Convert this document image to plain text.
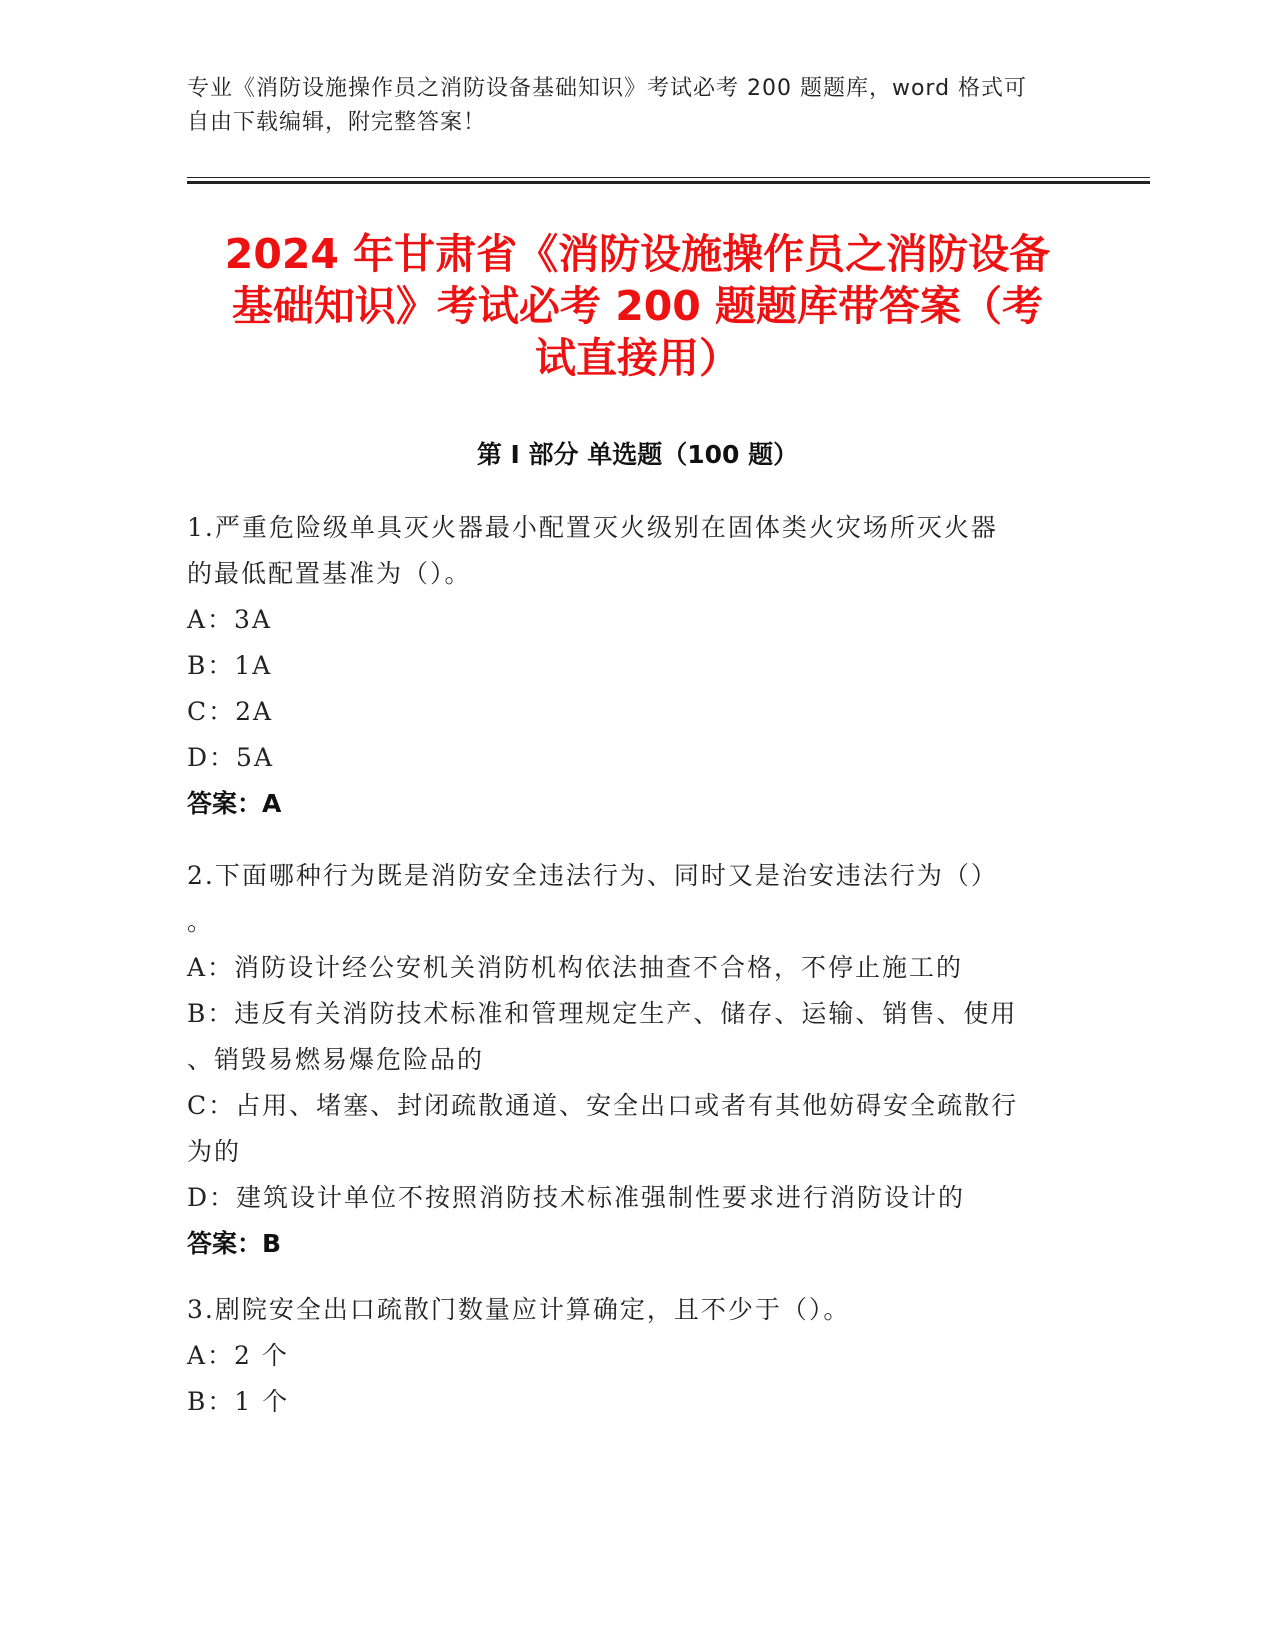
专业《消防设施操作员之消防设备基础知识》考试必考 200 题题库，word 格式可
自由下载编辑，附完整答案！
2024 年甘肃省《消防设施操作员之消防设备
基础知识》考试必考 200 题题库带答案（考
试直接用）
第 I 部分 单选题（100 题）
1.严重危险级单具灭火器最小配置灭火级别在固体类火灾场所灭火器
的最低配置基准为（）。
A：3A
B：1A
C：2A
D：5A
答案：A
2.下面哪种行为既是消防安全违法行为、同时又是治安违法行为（）
。
A：消防设计经公安机关消防机构依法抽查不合格，不停止施工的
B：违反有关消防技术标准和管理规定生产、储存、运输、销售、使用
、销毁易燃易爆危险品的
C：占用、堵塞、封闭疏散通道、安全出口或者有其他妨碍安全疏散行
为的
D：建筑设计单位不按照消防技术标准强制性要求进行消防设计的
答案：B
3.剧院安全出口疏散门数量应计算确定，且不少于（）。
A：2 个
B：1 个
